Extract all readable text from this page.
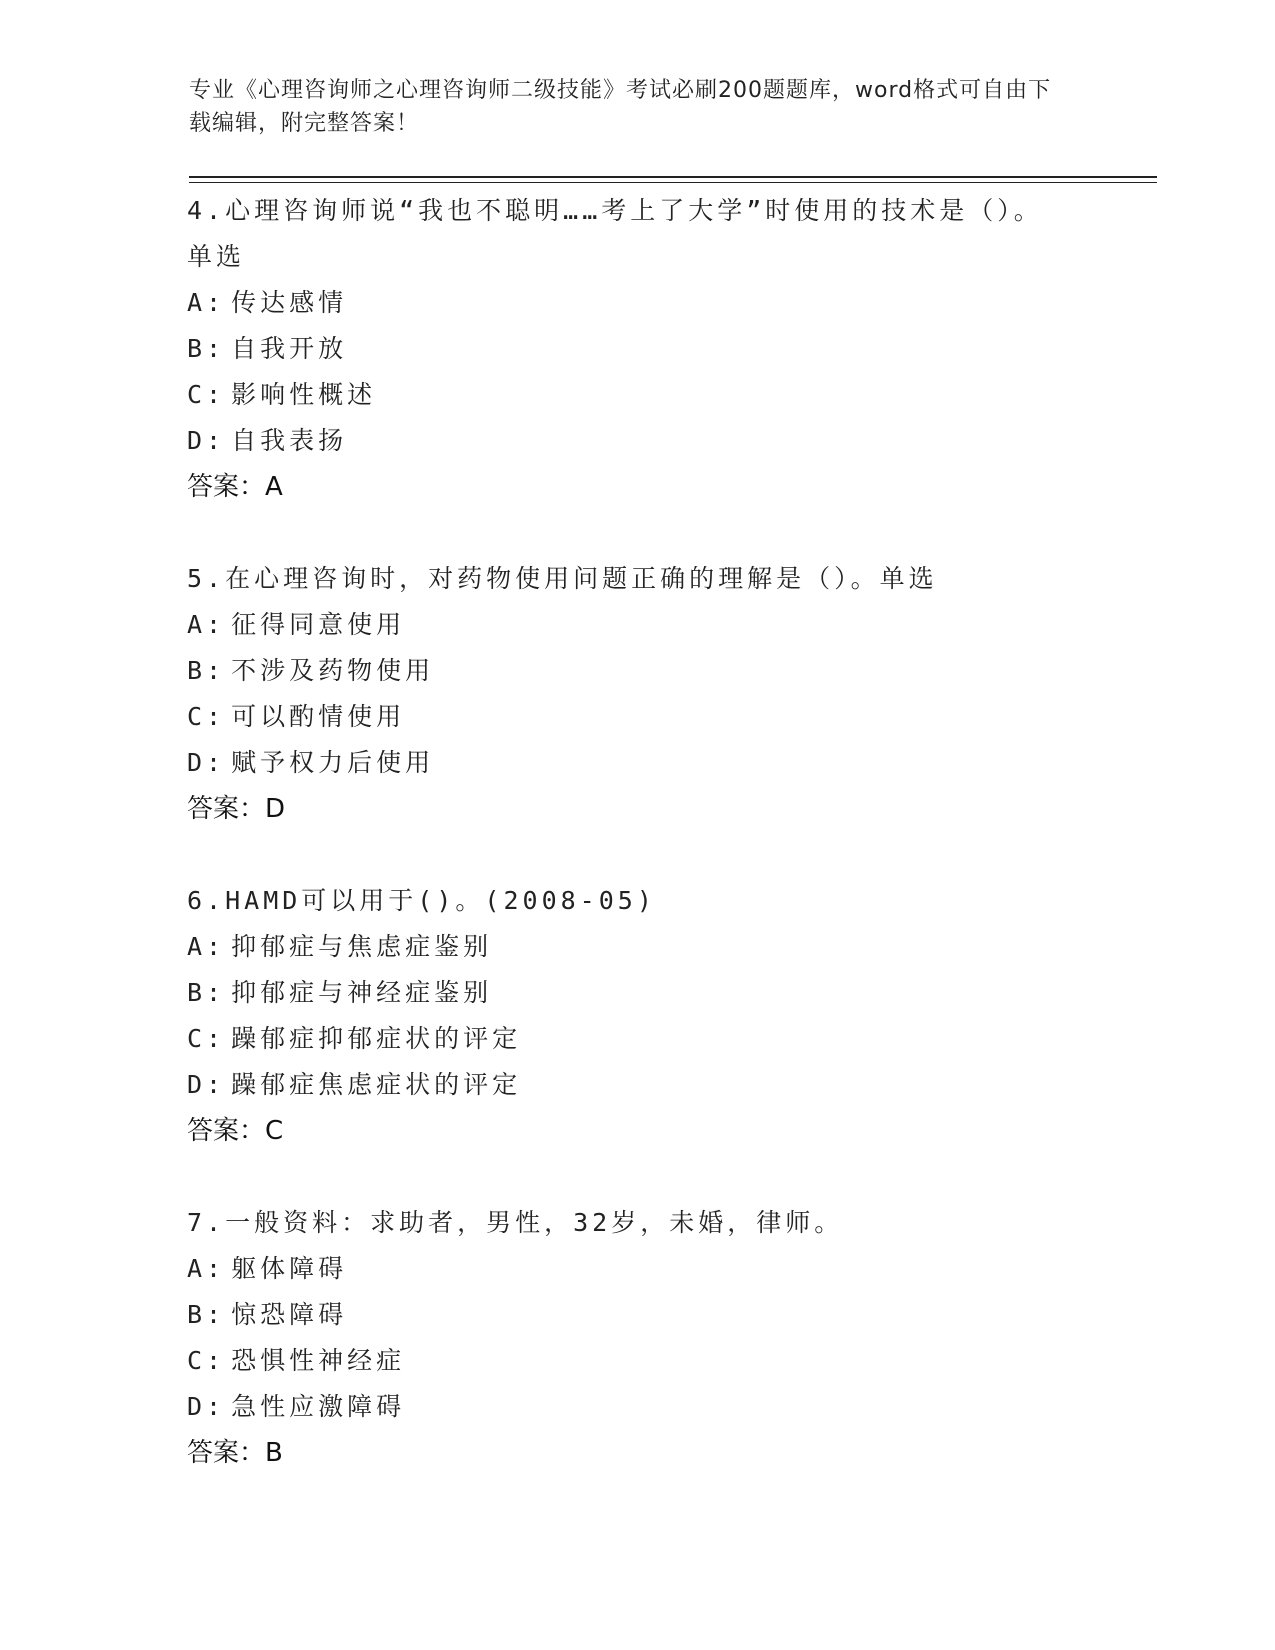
专业《心理咨询师之心理咨询师二级技能》考试必刷200题题库，word格式可自由下载编辑，附完整答案！
4.心理咨询师说“我也不聪明……考上了大学”时使用的技术是（）。单选
A: 传达感情
B: 自我开放
C: 影响性概述
D: 自我表扬
答案：A
5.在心理咨询时，对药物使用问题正确的理解是（）。单选
A: 征得同意使用
B: 不涉及药物使用
C: 可以酌情使用
D: 赋予权力后使用
答案：D
6.HAMD可以用于()。(2008-05)
A: 抑郁症与焦虑症鉴别
B: 抑郁症与神经症鉴别
C: 躁郁症抑郁症状的评定
D: 躁郁症焦虑症状的评定
答案：C
7.一般资料：求助者，男性，32岁，未婚，律师。
A: 躯体障碍
B: 惊恐障碍
C: 恐惧性神经症
D: 急性应激障碍
答案：B
